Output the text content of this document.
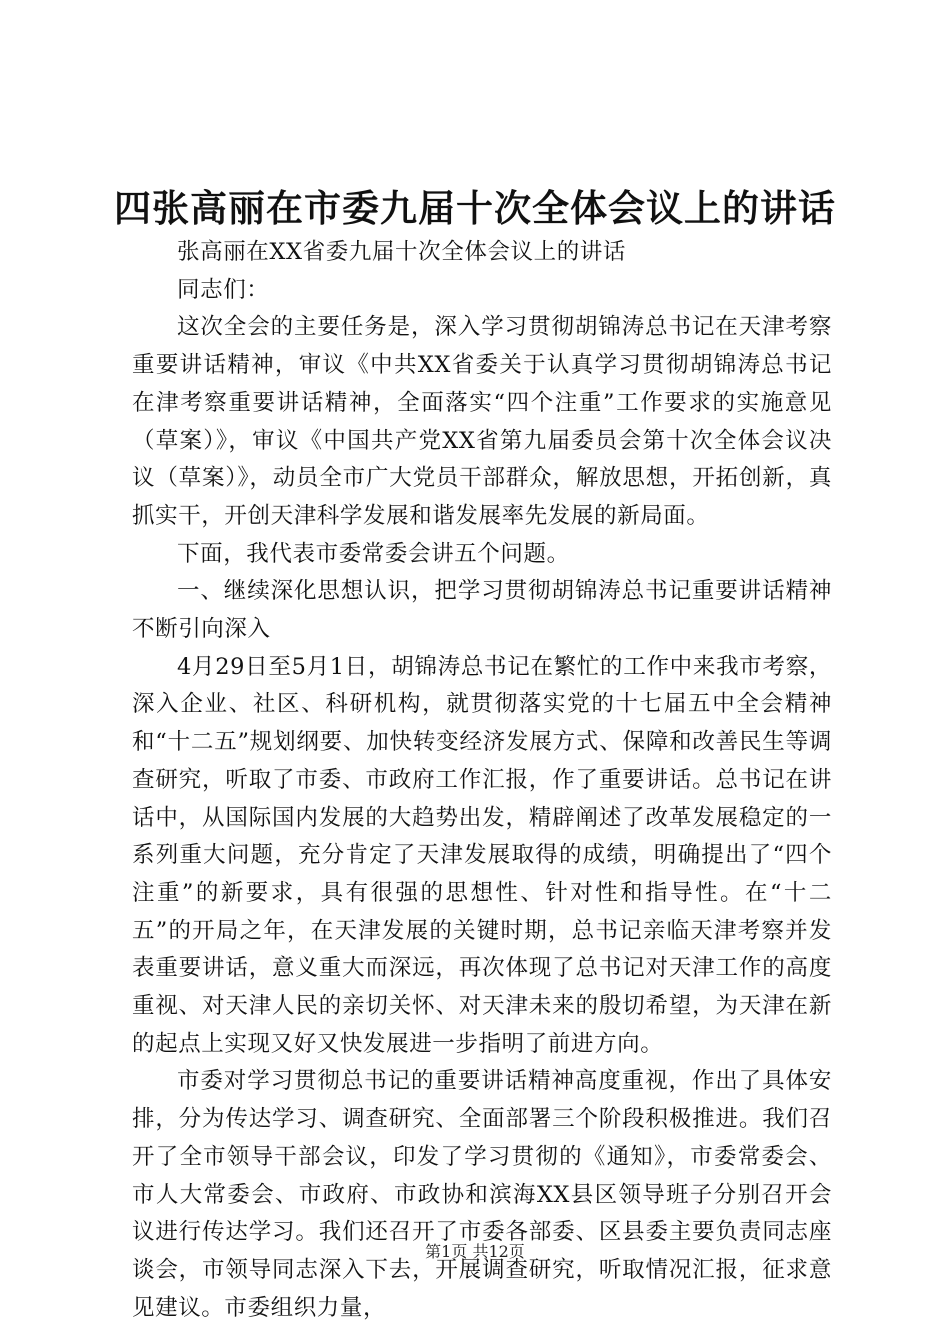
四张高丽在市委九届十次全体会议上的讲话

张高丽在XX省委九届十次全体会议上的讲话

同志们：

这次全会的主要任务是，深入学习贯彻胡锦涛总书记在天津考察重要讲话精神，审议《中共XX省委关于认真学习贯彻胡锦涛总书记在津考察重要讲话精神，全面落实“四个注重”工作要求的实施意见（草案）》，审议《中国共产党XX省第九届委员会第十次全体会议决议（草案）》，动员全市广大党员干部群众，解放思想，开拓创新，真抓实干，开创天津科学发展和谐发展率先发展的新局面。

下面，我代表市委常委会讲五个问题。

一、继续深化思想认识，把学习贯彻胡锦涛总书记重要讲话精神不断引向深入

4月29日至5月1日，胡锦涛总书记在繁忙的工作中来我市考察，深入企业、社区、科研机构，就贯彻落实党的十七届五中全会精神和“十二五”规划纲要、加快转变经济发展方式、保障和改善民生等调查研究，听取了市委、市政府工作汇报，作了重要讲话。总书记在讲话中，从国际国内发展的大趋势出发，精辟阐述了改革发展稳定的一系列重大问题，充分肯定了天津发展取得的成绩，明确提出了“四个注重”的新要求，具有很强的思想性、针对性和指导性。在“十二五”的开局之年，在天津发展的关键时期，总书记亲临天津考察并发表重要讲话，意义重大而深远，再次体现了总书记对天津工作的高度重视、对天津人民的亲切关怀、对天津未来的殷切希望，为天津在新的起点上实现又好又快发展进一步指明了前进方向。

市委对学习贯彻总书记的重要讲话精神高度重视，作出了具体安排，分为传达学习、调查研究、全面部署三个阶段积极推进。我们召开了全市领导干部会议，印发了学习贯彻的《通知》，市委常委会、市人大常委会、市政府、市政协和滨海XX县区领导班子分别召开会议进行传达学习。我们还召开了市委各部委、区县委主要负责同志座谈会，市领导同志深入下去，开展调查研究，听取情况汇报，征求意见建议。市委组织力量，

第1页 共12页
